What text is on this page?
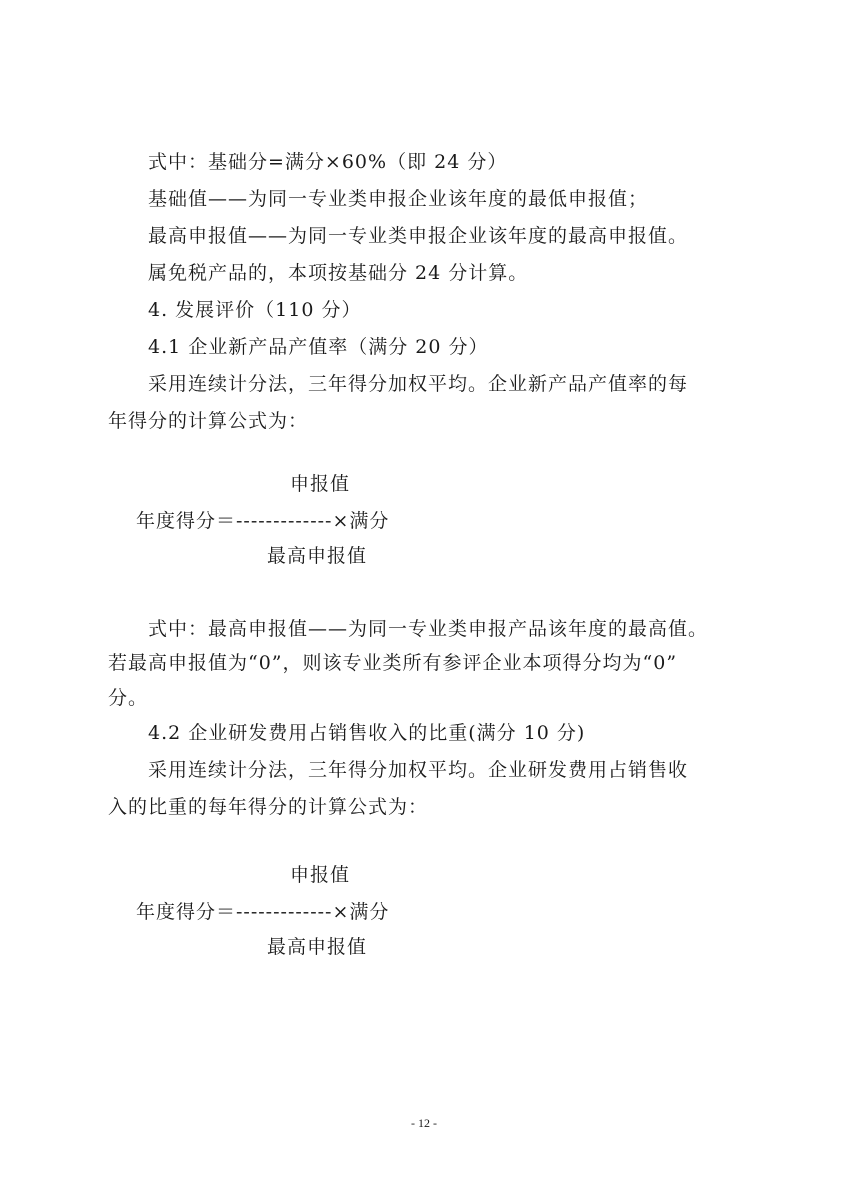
式中：基础分=满分×60%（即 24 分）
基础值——为同一专业类申报企业该年度的最低申报值；
最高申报值——为同一专业类申报企业该年度的最高申报值。
属免税产品的，本项按基础分 24 分计算。
4. 发展评价（110 分）
4.1 企业新产品产值率（满分 20 分）
采用连续计分法，三年得分加权平均。企业新产品产值率的每
年得分的计算公式为：
申报值
年度得分＝-------------×满分
最高申报值
式中：最高申报值——为同一专业类申报产品该年度的最高值。
若最高申报值为“0”，则该专业类所有参评企业本项得分均为“0”
分。
4.2 企业研发费用占销售收入的比重(满分 10 分)
采用连续计分法，三年得分加权平均。企业研发费用占销售收
入的比重的每年得分的计算公式为：
申报值
年度得分＝-------------×满分
最高申报值
- 12 -
